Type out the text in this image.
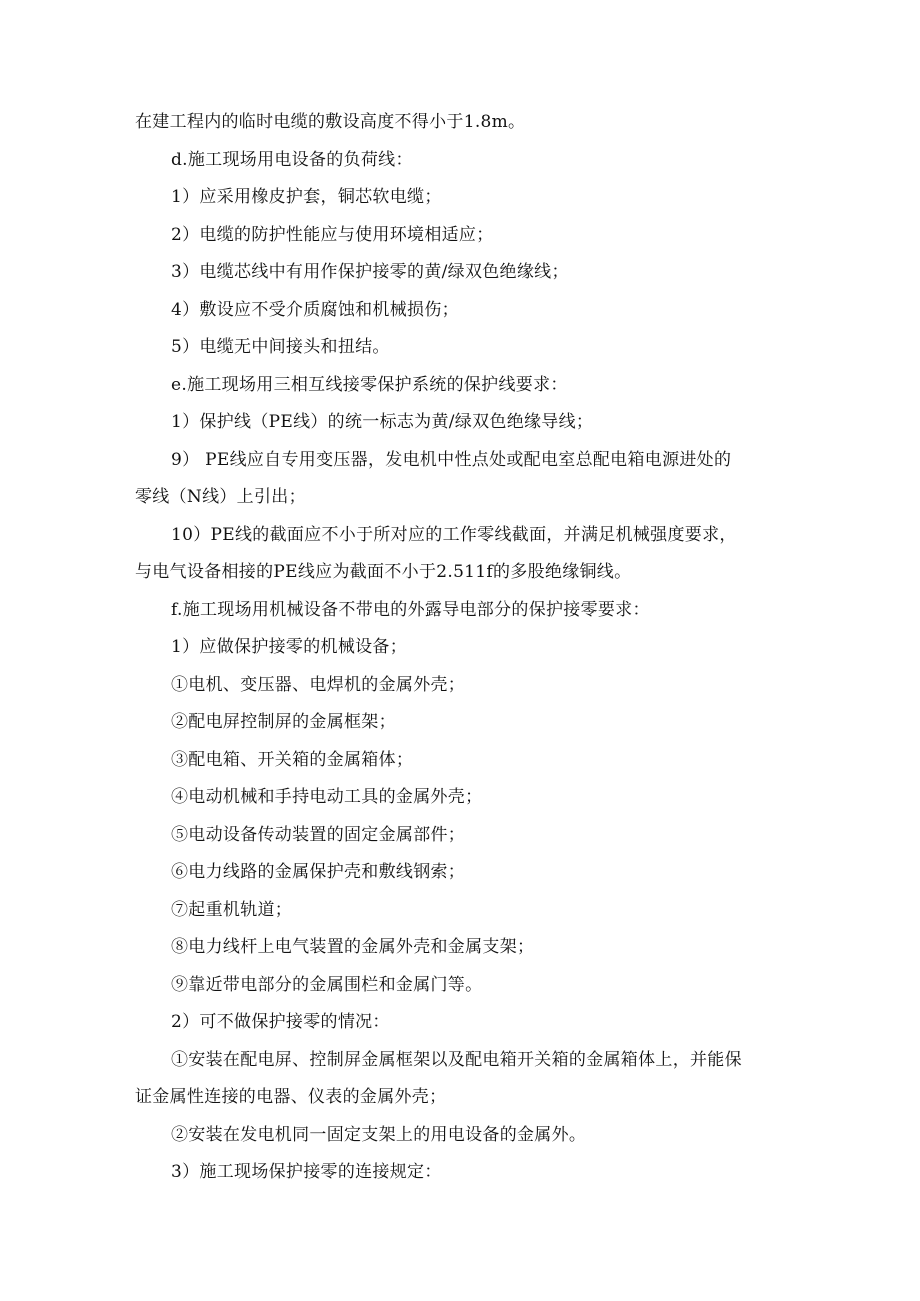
在建工程内的临时电缆的敷设高度不得小于1.8m。
d.施工现场用电设备的负荷线：
1）应采用橡皮护套，铜芯软电缆；
2）电缆的防护性能应与使用环境相适应；
3）电缆芯线中有用作保护接零的黄/绿双色绝缘线；
4）敷设应不受介质腐蚀和机械损伤；
5）电缆无中间接头和扭结。
e.施工现场用三相互线接零保护系统的保护线要求：
1）保护线（PE线）的统一标志为黄/绿双色绝缘导线；
9） PE线应自专用变压器，发电机中性点处或配电室总配电箱电源进处的
零线（N线）上引出；
10）PE线的截面应不小于所对应的工作零线截面，并满足机械强度要求，
与电气设备相接的PE线应为截面不小于2.511f的多股绝缘铜线。
f.施工现场用机械设备不带电的外露导电部分的保护接零要求：
1）应做保护接零的机械设备；
①电机、变压器、电焊机的金属外壳；
②配电屏控制屏的金属框架；
③配电箱、开关箱的金属箱体；
④电动机械和手持电动工具的金属外壳；
⑤电动设备传动装置的固定金属部件；
⑥电力线路的金属保护壳和敷线钢索；
⑦起重机轨道；
⑧电力线杆上电气装置的金属外壳和金属支架；
⑨靠近带电部分的金属围栏和金属门等。
2）可不做保护接零的情况：
①安装在配电屏、控制屏金属框架以及配电箱开关箱的金属箱体上，并能保
证金属性连接的电器、仪表的金属外壳；
②安装在发电机同一固定支架上的用电设备的金属外。
3）施工现场保护接零的连接规定：
